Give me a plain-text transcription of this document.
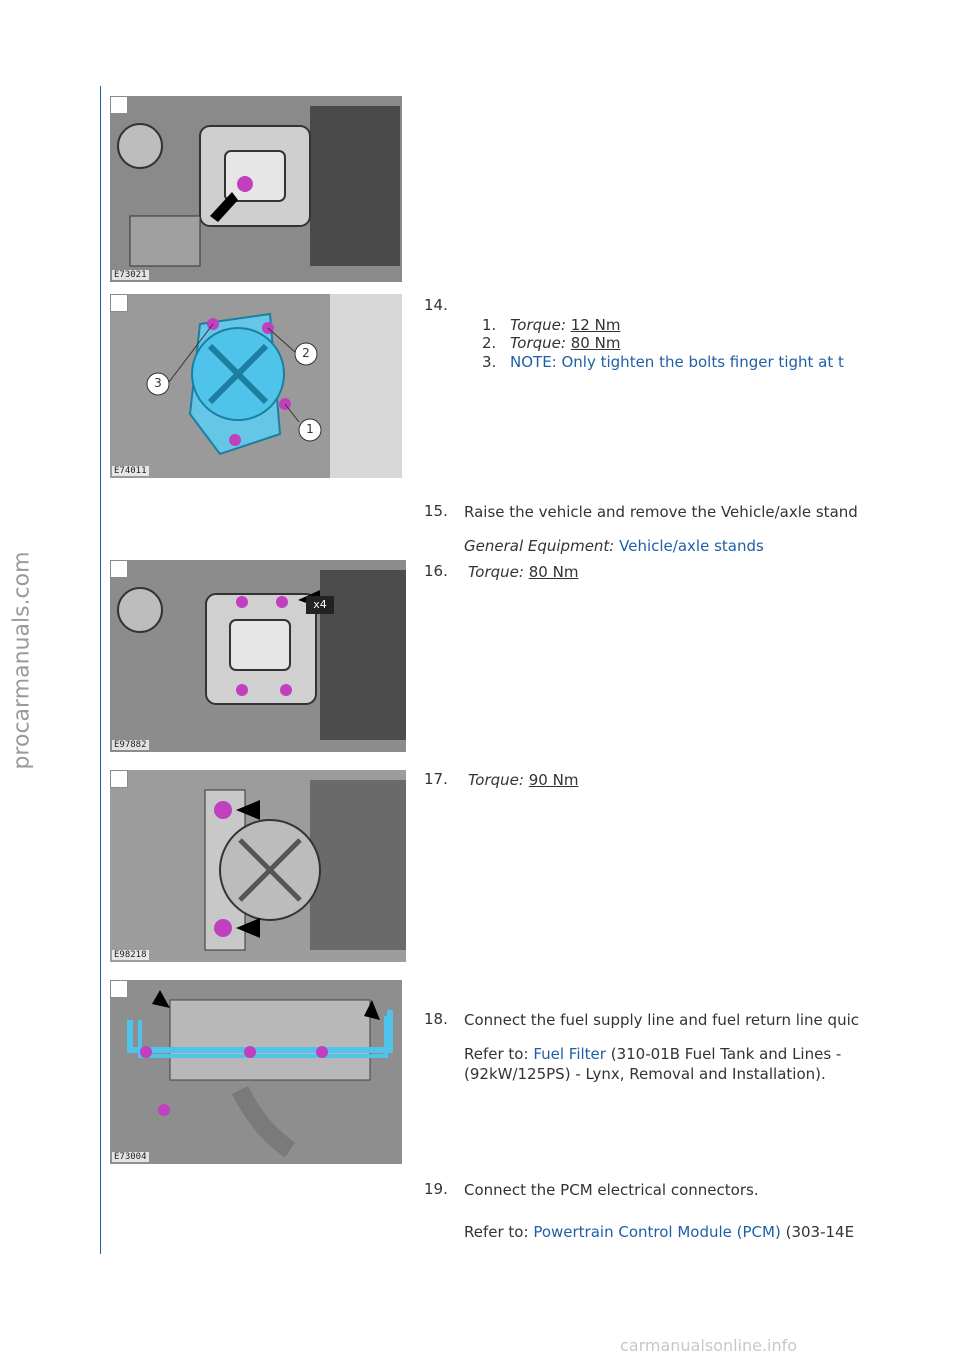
procarmanuals.com
carmanualsonline.info
E73021
1
2
3
E74011
x4
E97882
E98218
E73004
14.
1. Torque: 12 Nm
2. Torque: 80 Nm
3. NOTE: Only tighten the bolts finger tight at t
15. Raise the vehicle and remove the Vehicle/axle stand
General Equipment: Vehicle/axle stands
16. Torque: 80 Nm
17. Torque: 90 Nm
18. Connect the fuel supply line and fuel return line quic
Refer to: Fuel Filter (310-01B Fuel Tank and Lines -
(92kW/125PS) - Lynx, Removal and Installation).
19. Connect the PCM electrical connectors.
Refer to: Powertrain Control Module (PCM) (303-14E
